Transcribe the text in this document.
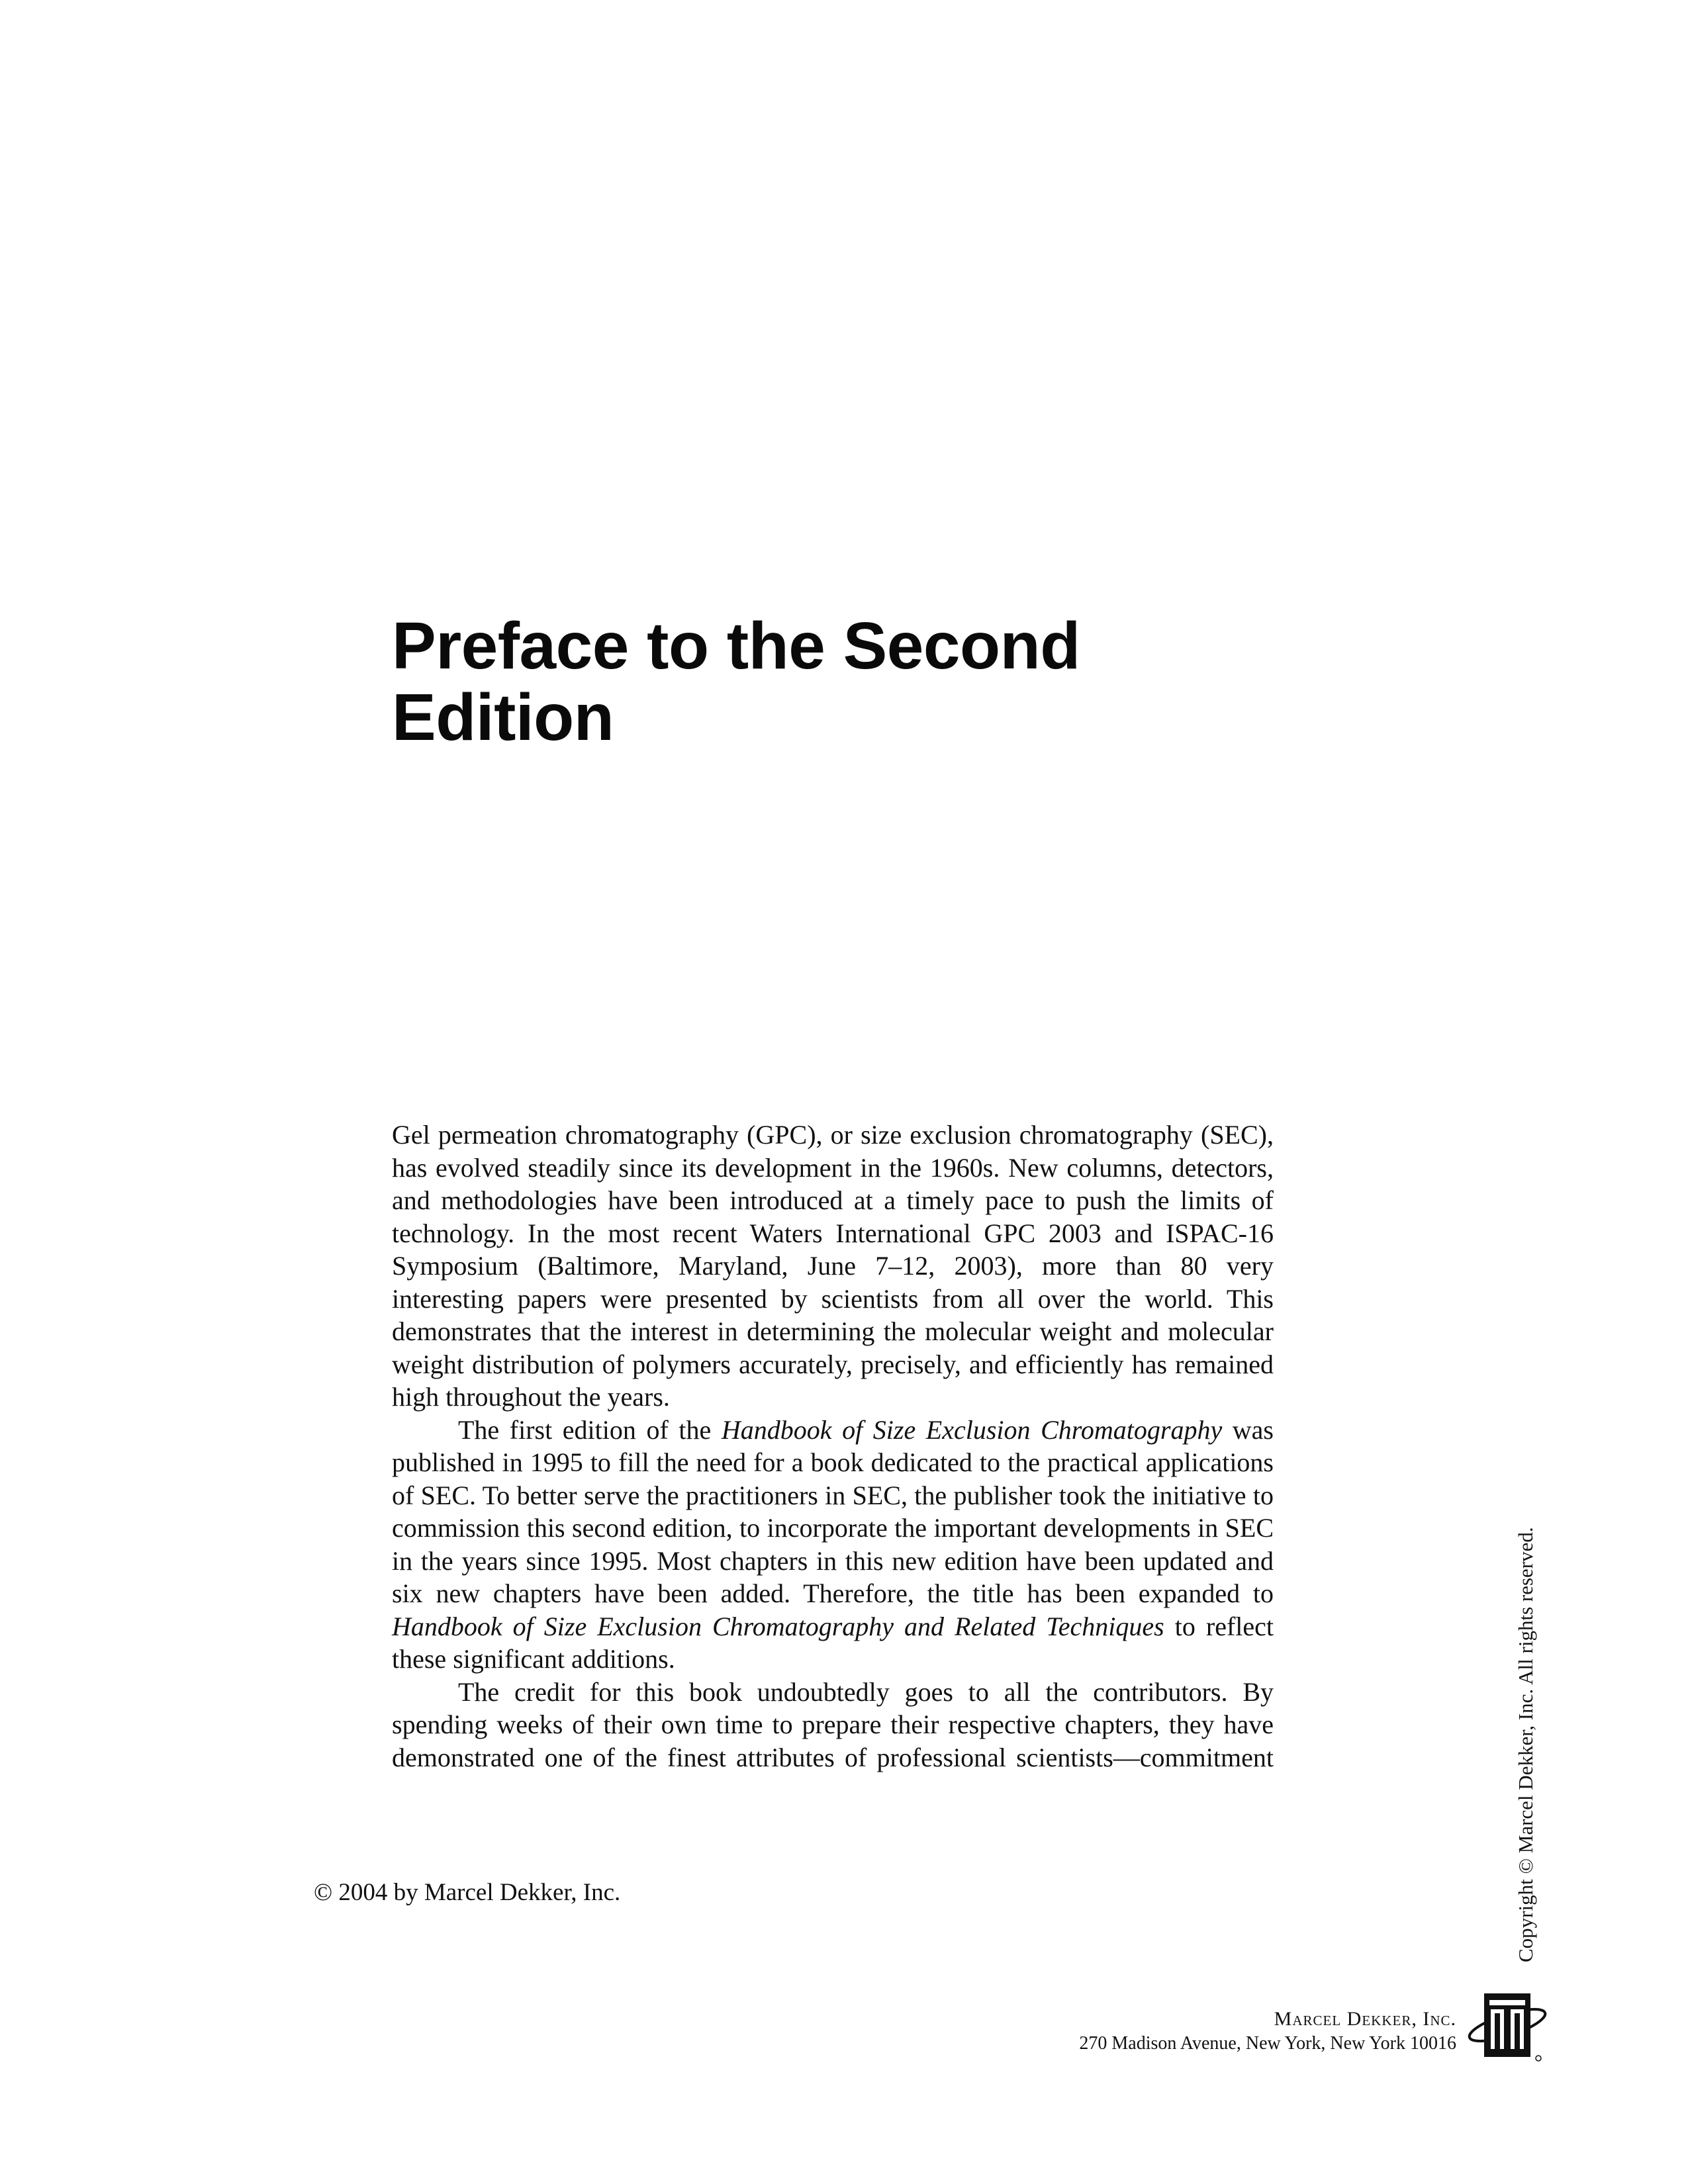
Preface to the Second
Edition

Gel permeation chromatography (GPC), or size exclusion chromatography (SEC), has evolved steadily since its development in the 1960s. New columns, detectors, and methodologies have been introduced at a timely pace to push the limits of technology. In the most recent Waters International GPC 2003 and ISPAC-16 Symposium (Baltimore, Maryland, June 7–12, 2003), more than 80 very interesting papers were presented by scientists from all over the world. This demonstrates that the interest in determining the molecular weight and molecular weight distribution of polymers accurately, precisely, and efficiently has remained high throughout the years.

The first edition of the Handbook of Size Exclusion Chromatography was published in 1995 to fill the need for a book dedicated to the practical applications of SEC. To better serve the practitioners in SEC, the publisher took the initiative to commission this second edition, to incorporate the important developments in SEC in the years since 1995. Most chapters in this new edition have been updated and six new chapters have been added. Therefore, the title has been expanded to Handbook of Size Exclusion Chromatography and Related Techniques to reflect these significant additions.

The credit for this book undoubtedly goes to all the contributors. By spending weeks of their own time to prepare their respective chapters, they have demonstrated one of the finest attributes of professional scientists—commitment

© 2004 by Marcel Dekker, Inc.	Copyright © Marcel Dekker, Inc. All rights reserved.
Marcel Dekker, Inc.
270 Madison Avenue, New York, New York 10016
